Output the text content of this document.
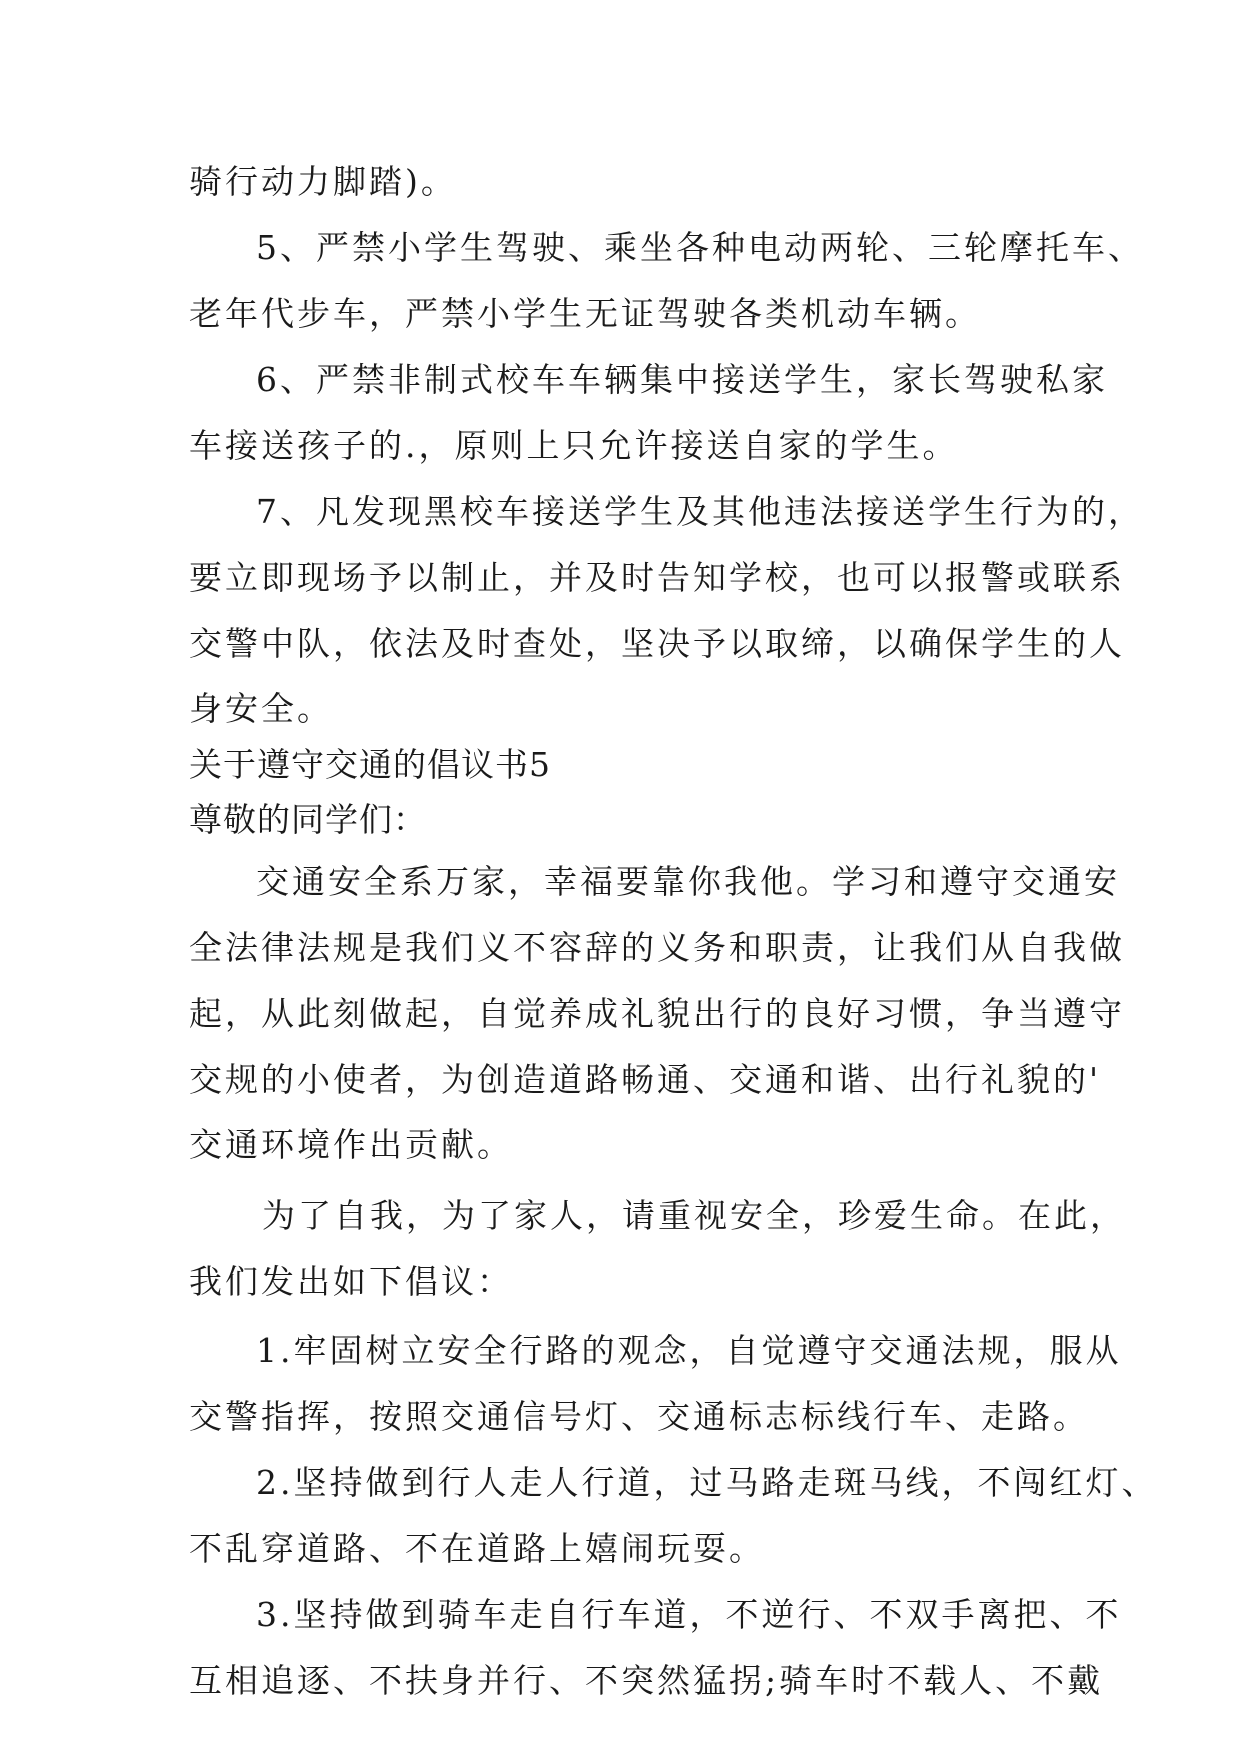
骑行动力脚踏)。
5、严禁小学生驾驶、乘坐各种电动两轮、三轮摩托车、
老年代步车，严禁小学生无证驾驶各类机动车辆。
6、严禁非制式校车车辆集中接送学生，家长驾驶私家
车接送孩子的.，原则上只允许接送自家的学生。
7、凡发现黑校车接送学生及其他违法接送学生行为的，
要立即现场予以制止，并及时告知学校，也可以报警或联系
交警中队，依法及时查处，坚决予以取缔，以确保学生的人
身安全。
关于遵守交通的倡议书5
尊敬的同学们：
交通安全系万家，幸福要靠你我他。学习和遵守交通安
全法律法规是我们义不容辞的义务和职责，让我们从自我做
起，从此刻做起，自觉养成礼貌出行的良好习惯，争当遵守
交规的小使者，为创造道路畅通、交通和谐、出行礼貌的'
交通环境作出贡献。
为了自我，为了家人，请重视安全，珍爱生命。在此，
我们发出如下倡议：
1.牢固树立安全行路的观念，自觉遵守交通法规，服从
交警指挥，按照交通信号灯、交通标志标线行车、走路。
2.坚持做到行人走人行道，过马路走斑马线，不闯红灯、
不乱穿道路、不在道路上嬉闹玩耍。
3.坚持做到骑车走自行车道，不逆行、不双手离把、不
互相追逐、不扶身并行、不突然猛拐;骑车时不载人、不戴
